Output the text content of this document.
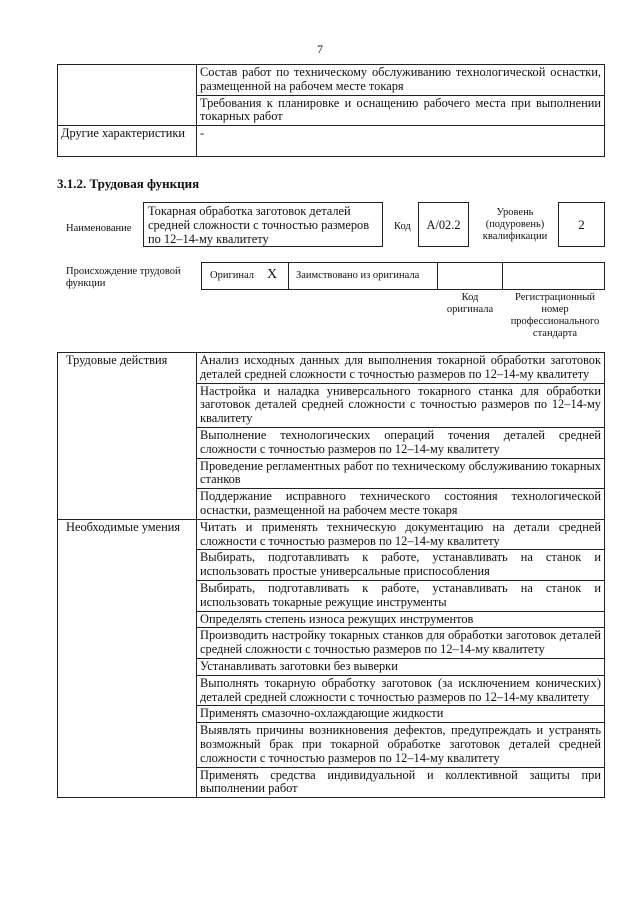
7
	Состав работ по техническому обслуживанию технологической оснастки, размещенной на рабочем месте токаря
	Требования к планировке и оснащению рабочего места при выполнении токарных работ
Другие характеристики	-
3.1.2. Трудовая функция
Наименование
Токарная обработка заготовок деталей средней сложности с точностью размеров по 12–14-му квалитету
Код	А/02.2
Уровень (подуровень) квалификации
2
Происхождение трудовой функции
Оригинал X Заимствовано из оригинала
Код оригинала
Регистрационный номер профессионального стандарта
Трудовые действия	Анализ исходных данных для выполнения токарной обработки заготовок деталей средней сложности с точностью размеров по 12–14-му квалитету
	Настройка и наладка универсального токарного станка для обработки заготовок деталей средней сложности с точностью размеров по 12–14-му квалитету
	Выполнение технологических операций точения деталей средней сложности с точностью размеров по 12–14-му квалитету
	Проведение регламентных работ по техническому обслуживанию токарных станков
	Поддержание исправного технического состояния технологической оснастки, размещенной на рабочем месте токаря
Необходимые умения	Читать и применять техническую документацию на детали средней сложности с точностью размеров по 12–14-му квалитету
	Выбирать, подготавливать к работе, устанавливать на станок и использовать простые универсальные приспособления
	Выбирать, подготавливать к работе, устанавливать на станок и использовать токарные режущие инструменты
	Определять степень износа режущих инструментов
	Производить настройку токарных станков для обработки заготовок деталей средней сложности с точностью размеров по 12–14-му квалитету
	Устанавливать заготовки без выверки
	Выполнять токарную обработку заготовок (за исключением конических) деталей средней сложности с точностью размеров по 12–14-му квалитету
	Применять смазочно-охлаждающие жидкости
	Выявлять причины возникновения дефектов, предупреждать и устранять возможный брак при токарной обработке заготовок деталей средней сложности с точностью размеров по 12–14-му квалитету
	Применять средства индивидуальной и коллективной защиты при выполнении работ
